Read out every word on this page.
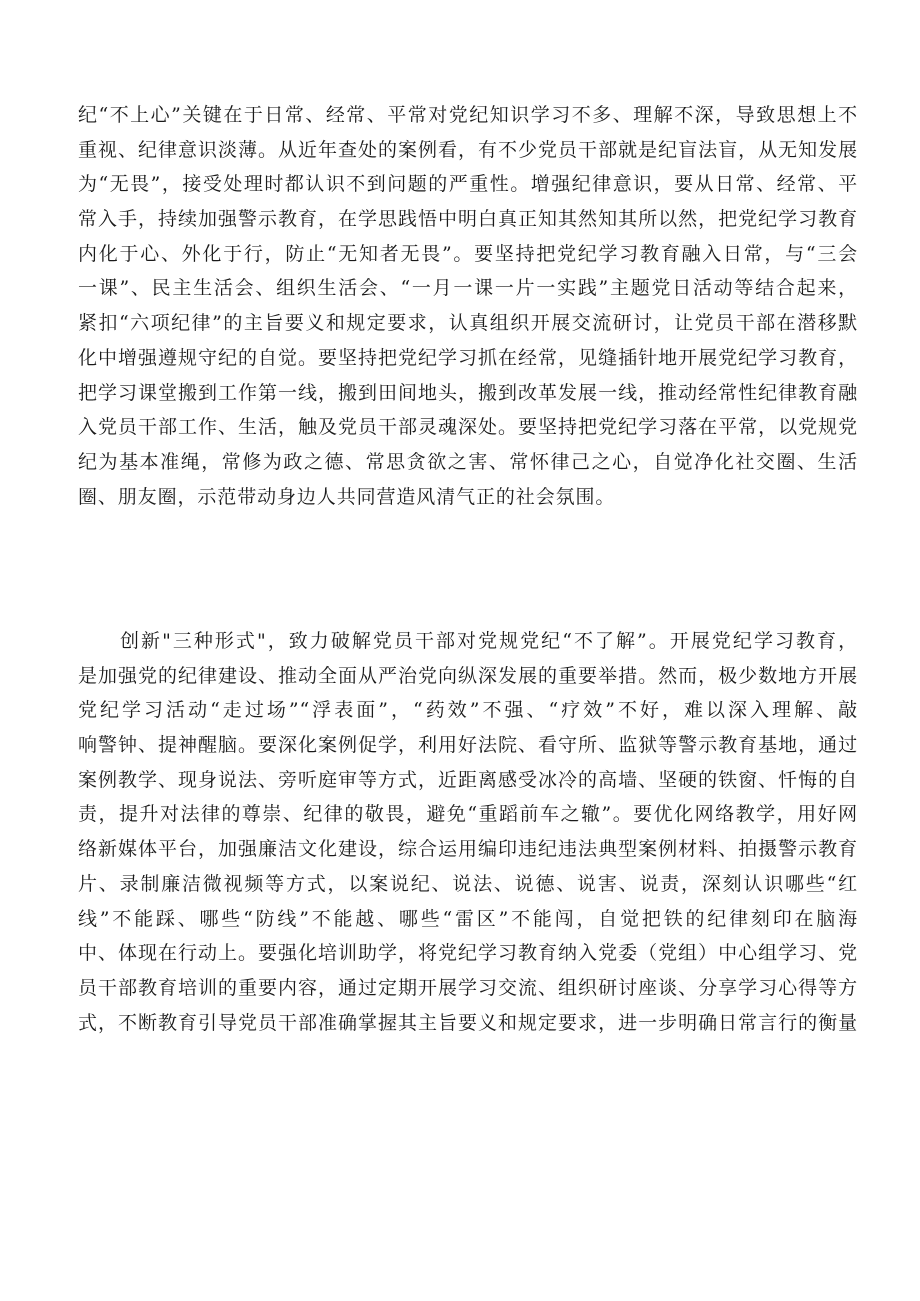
纪“不上心”关键在于日常、经常、平常对党纪知识学习不多、理解不深，导致思想上不
重视、纪律意识淡薄。从近年查处的案例看，有不少党员干部就是纪盲法盲，从无知发展
为“无畏”，接受处理时都认识不到问题的严重性。增强纪律意识，要从日常、经常、平
常入手，持续加强警示教育，在学思践悟中明白真正知其然知其所以然，把党纪学习教育
内化于心、外化于行，防止“无知者无畏”。要坚持把党纪学习教育融入日常，与“三会
一课”、民主生活会、组织生活会、“一月一课一片一实践”主题党日活动等结合起来，
紧扣“六项纪律”的主旨要义和规定要求，认真组织开展交流研讨，让党员干部在潜移默
化中增强遵规守纪的自觉。要坚持把党纪学习抓在经常，见缝插针地开展党纪学习教育，
把学习课堂搬到工作第一线，搬到田间地头，搬到改革发展一线，推动经常性纪律教育融
入党员干部工作、生活，触及党员干部灵魂深处。要坚持把党纪学习落在平常，以党规党
纪为基本准绳，常修为政之德、常思贪欲之害、常怀律己之心，自觉净化社交圈、生活
圈、朋友圈，示范带动身边人共同营造风清气正的社会氛围。
创新"三种形式"，致力破解党员干部对党规党纪“不了解”。开展党纪学习教育，
是加强党的纪律建设、推动全面从严治党向纵深发展的重要举措。然而，极少数地方开展
党纪学习活动“走过场”“浮表面”，“药效”不强、“疗效”不好，难以深入理解、敲
响警钟、提神醒脑。要深化案例促学，利用好法院、看守所、监狱等警示教育基地，通过
案例教学、现身说法、旁听庭审等方式，近距离感受冰冷的高墙、坚硬的铁窗、忏悔的自
责，提升对法律的尊崇、纪律的敬畏，避免“重蹈前车之辙”。要优化网络教学，用好网
络新媒体平台，加强廉洁文化建设，综合运用编印违纪违法典型案例材料、拍摄警示教育
片、录制廉洁微视频等方式，以案说纪、说法、说德、说害、说责，深刻认识哪些“红
线”不能踩、哪些“防线”不能越、哪些“雷区”不能闯，自觉把铁的纪律刻印在脑海
中、体现在行动上。要强化培训助学，将党纪学习教育纳入党委（党组）中心组学习、党
员干部教育培训的重要内容，通过定期开展学习交流、组织研讨座谈、分享学习心得等方
式，不断教育引导党员干部准确掌握其主旨要义和规定要求，进一步明确日常言行的衡量
